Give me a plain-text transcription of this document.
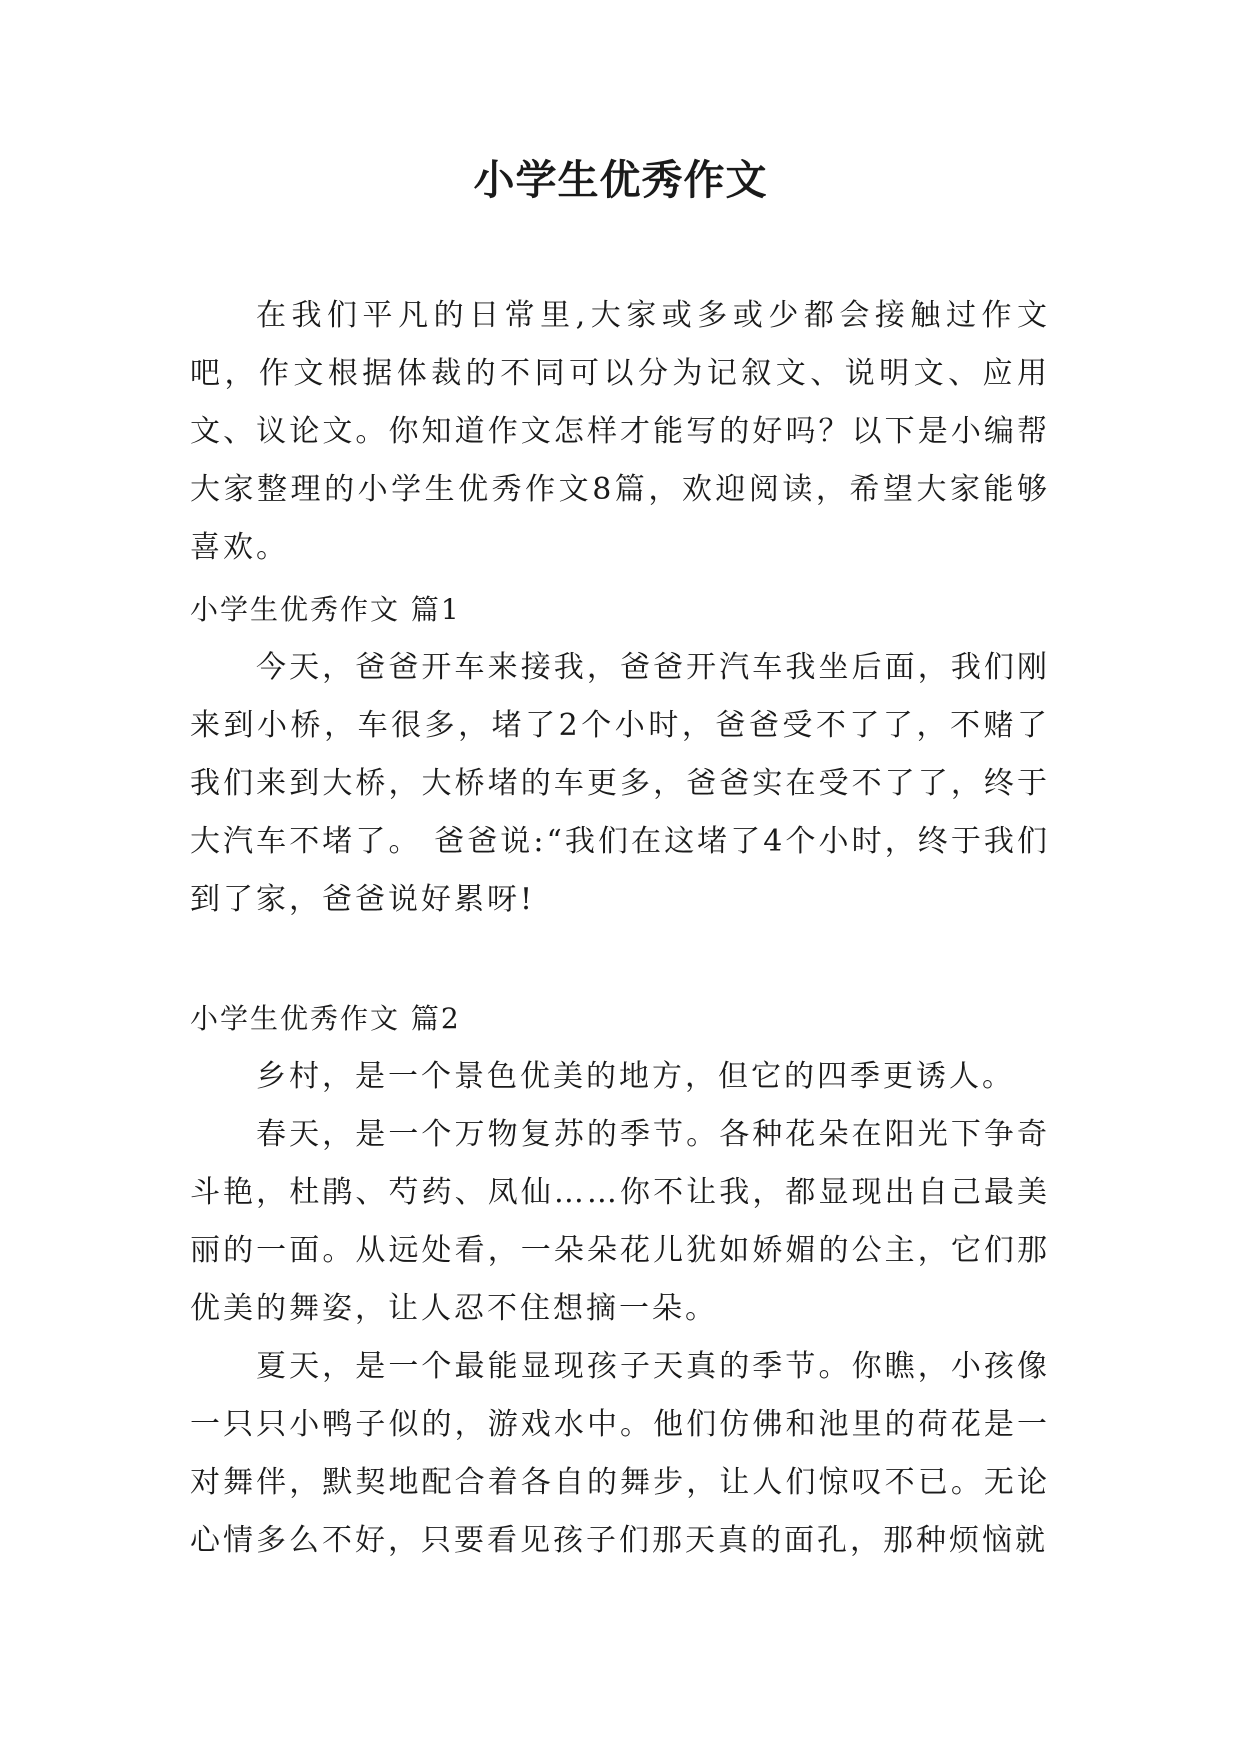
小学生优秀作文

在我们平凡的日常里,大家或多或少都会接触过作文吧，作文根据体裁的不同可以分为记叙文、说明文、应用文、议论文。你知道作文怎样才能写的好吗？以下是小编帮大家整理的小学生优秀作文8篇，欢迎阅读，希望大家能够喜欢。

小学生优秀作文 篇1

今天，爸爸开车来接我，爸爸开汽车我坐后面，我们刚来到小桥，车很多，堵了2个小时，爸爸受不了了，不赌了我们来到大桥，大桥堵的车更多，爸爸实在受不了了，终于大汽车不堵了。 爸爸说:“我们在这堵了4个小时，终于我们到了家，爸爸说好累呀!

小学生优秀作文 篇2

乡村，是一个景色优美的地方，但它的四季更诱人。

春天，是一个万物复苏的季节。各种花朵在阳光下争奇斗艳，杜鹃、芍药、凤仙……你不让我，都显现出自己最美丽的一面。从远处看，一朵朵花儿犹如娇媚的公主，它们那优美的舞姿，让人忍不住想摘一朵。

夏天，是一个最能显现孩子天真的季节。你瞧，小孩像一只只小鸭子似的，游戏水中。他们仿佛和池里的荷花是一对舞伴，默契地配合着各自的舞步，让人们惊叹不已。无论心情多么不好，只要看见孩子们那天真的面孔，那种烦恼就
